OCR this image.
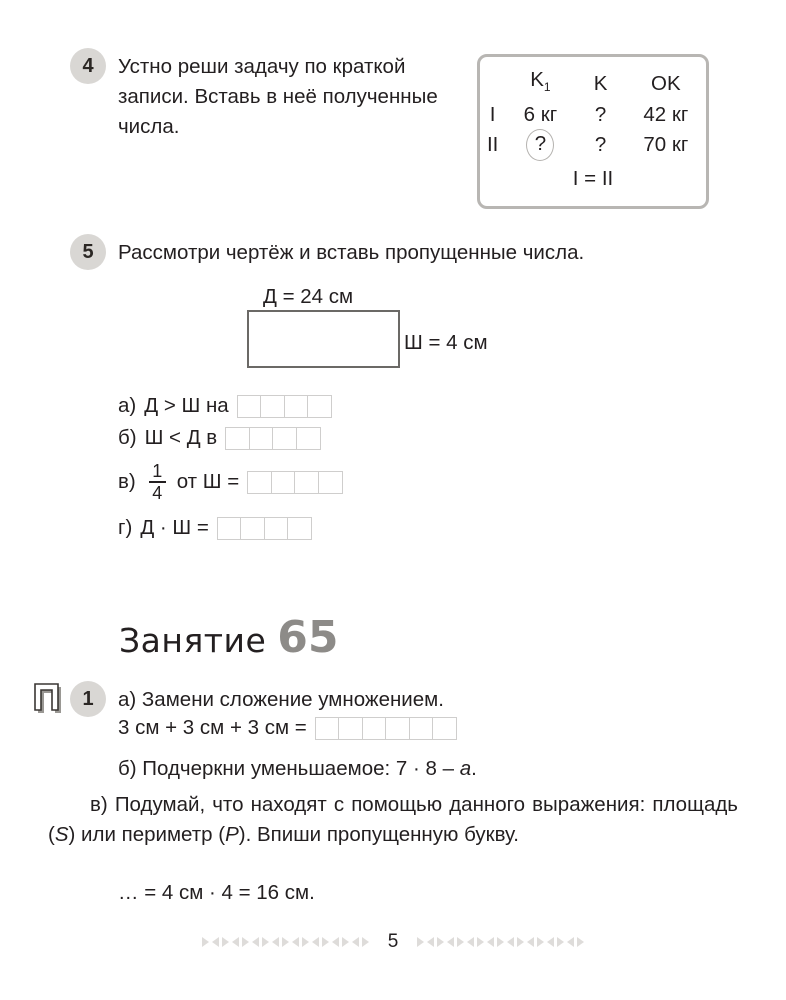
4	Устно реши задачу по краткой записи. Вставь в неё полученные числа.
	$K_1$	K	OK
I	6 кг	?	42 кг
II	?	?	70 кг
I = II			
5	Рассмотри чертёж и вставь пропущенные числа.
Д = 24 см
Ш = 4 см
а) Д > Ш на
б) Ш < Д в
$в) \frac{1}{4}$ от Ш =
г) Д · Ш =
Занятие 65
1	а) Замени сложение умножением.
3 см + 3 см + 3 см =
б) Подчеркни уменьшаемое: 7 · 8 – a.
в) Подумай, что находят с помощью данного выражения: площадь (S) или периметр (P). Впиши пропущенную букву.
… = 4 см · 4 = 16 см.
5
